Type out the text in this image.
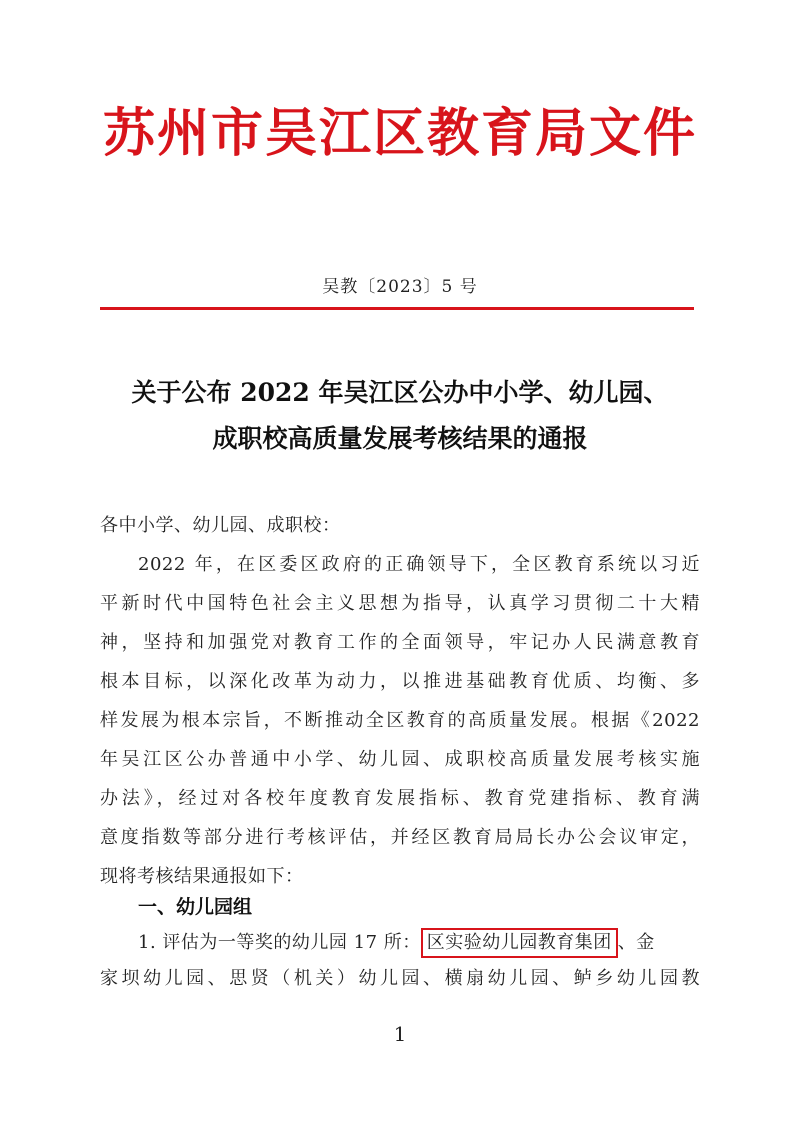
苏州市吴江区教育局文件
吴教〔2023〕5 号
关于公布 2022 年吴江区公办中小学、幼儿园、
成职校高质量发展考核结果的通报
各中小学、幼儿园、成职校：
2022 年，在区委区政府的正确领导下，全区教育系统以习近
平新时代中国特色社会主义思想为指导，认真学习贯彻二十大精
神，坚持和加强党对教育工作的全面领导，牢记办人民满意教育
根本目标，以深化改革为动力，以推进基础教育优质、均衡、多
样发展为根本宗旨，不断推动全区教育的高质量发展。根据《2022
年吴江区公办普通中小学、幼儿园、成职校高质量发展考核实施
办法》，经过对各校年度教育发展指标、教育党建指标、教育满
意度指数等部分进行考核评估，并经区教育局局长办公会议审定，
现将考核结果通报如下：
一、幼儿园组
1. 评估为一等奖的幼儿园 17 所： 区实验幼儿园教育集团 、金
家坝幼儿园、思贤（机关）幼儿园、横扇幼儿园、鲈乡幼儿园教
1
